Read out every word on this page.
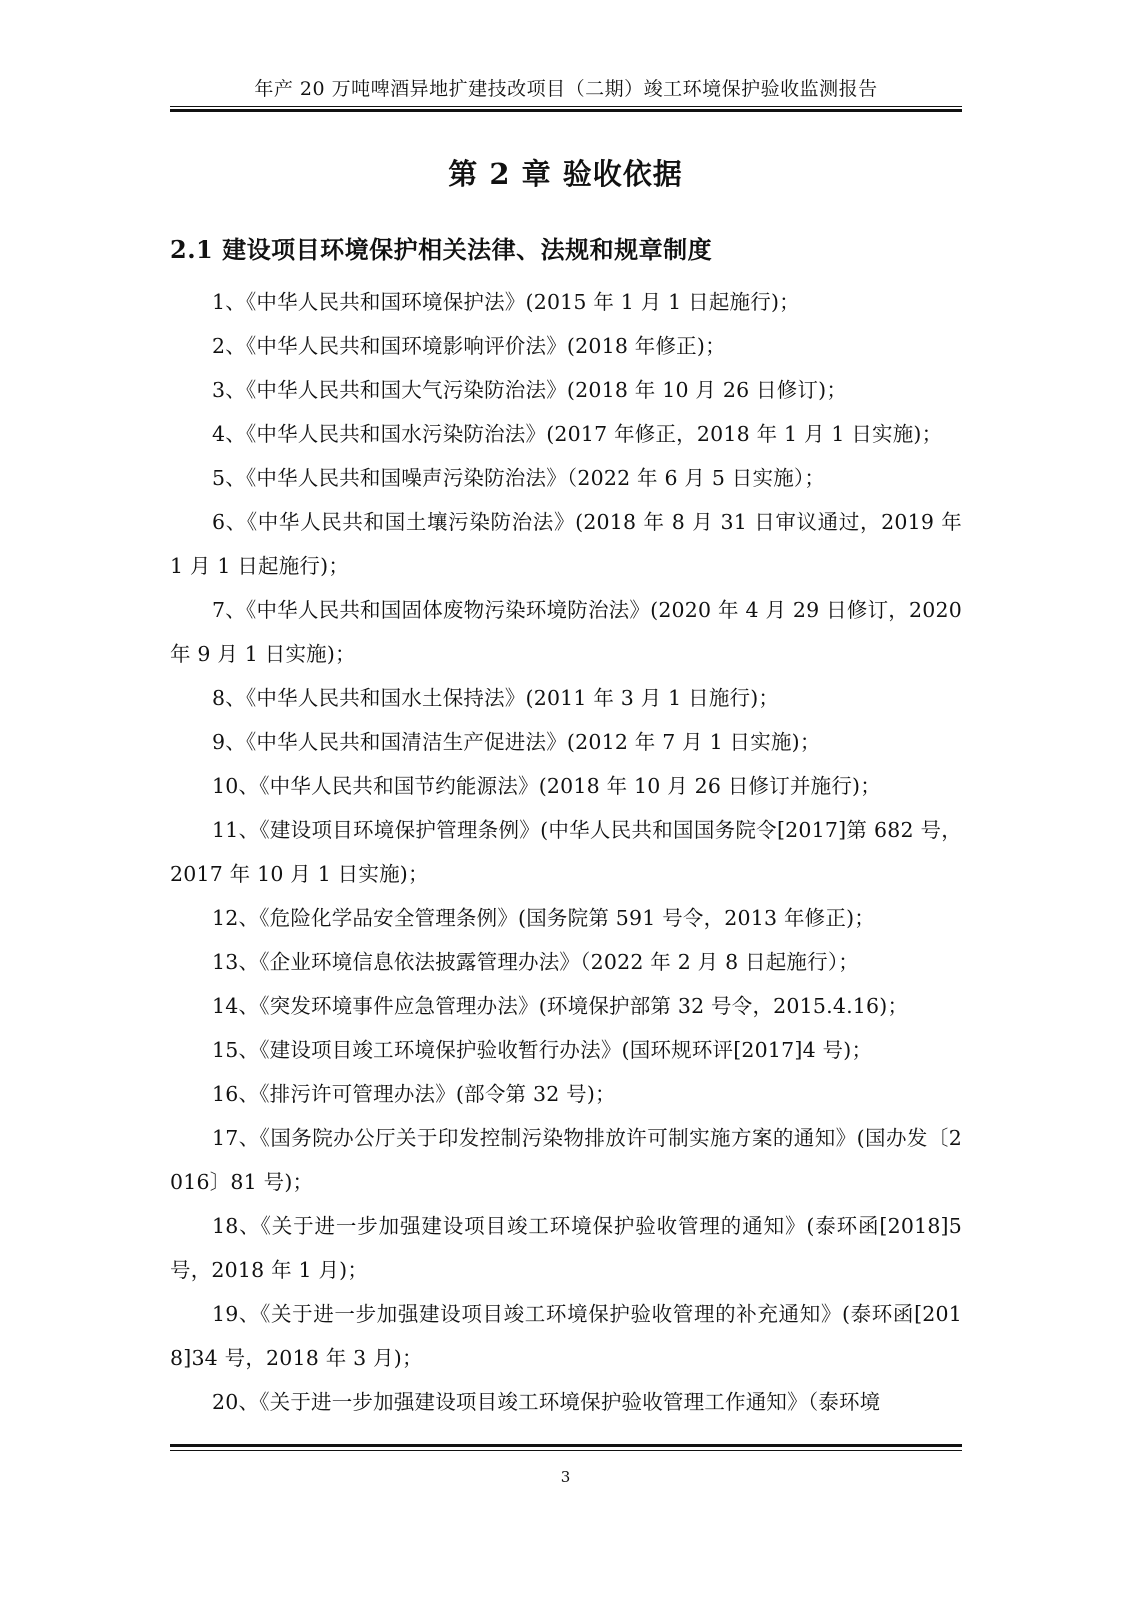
年产 20 万吨啤酒异地扩建技改项目（二期）竣工环境保护验收监测报告
第 2 章 验收依据
2.1 建设项目环境保护相关法律、法规和规章制度
1、《中华人民共和国环境保护法》(2015 年 1 月 1 日起施行)；
2、《中华人民共和国环境影响评价法》(2018 年修正)；
3、《中华人民共和国大气污染防治法》(2018 年 10 月 26 日修订)；
4、《中华人民共和国水污染防治法》(2017 年修正，2018 年 1 月 1 日实施)；
5、《中华人民共和国噪声污染防治法》（2022 年 6 月 5 日实施）；
6、《中华人民共和国土壤污染防治法》(2018 年 8 月 31 日审议通过，2019 年 1 月 1 日起施行)；
7、《中华人民共和国固体废物污染环境防治法》(2020 年 4 月 29 日修订，2020 年 9 月 1 日实施)；
8、《中华人民共和国水土保持法》(2011 年 3 月 1 日施行)；
9、《中华人民共和国清洁生产促进法》(2012 年 7 月 1 日实施)；
10、《中华人民共和国节约能源法》(2018 年 10 月 26 日修订并施行)；
11、《建设项目环境保护管理条例》(中华人民共和国国务院令[2017]第 682 号，2017 年 10 月 1 日实施)；
12、《危险化学品安全管理条例》(国务院第 591 号令，2013 年修正)；
13、《企业环境信息依法披露管理办法》（2022 年 2 月 8 日起施行）；
14、《突发环境事件应急管理办法》(环境保护部第 32 号令，2015.4.16)；
15、《建设项目竣工环境保护验收暂行办法》(国环规环评[2017]4 号)；
16、《排污许可管理办法》(部令第 32 号)；
17、《国务院办公厅关于印发控制污染物排放许可制实施方案的通知》(国办发〔2016〕81 号)；
18、《关于进一步加强建设项目竣工环境保护验收管理的通知》(泰环函[2018]5 号，2018 年 1 月)；
19、《关于进一步加强建设项目竣工环境保护验收管理的补充通知》(泰环函[2018]34 号，2018 年 3 月)；
20、《关于进一步加强建设项目竣工环境保护验收管理工作通知》（泰环境
3
